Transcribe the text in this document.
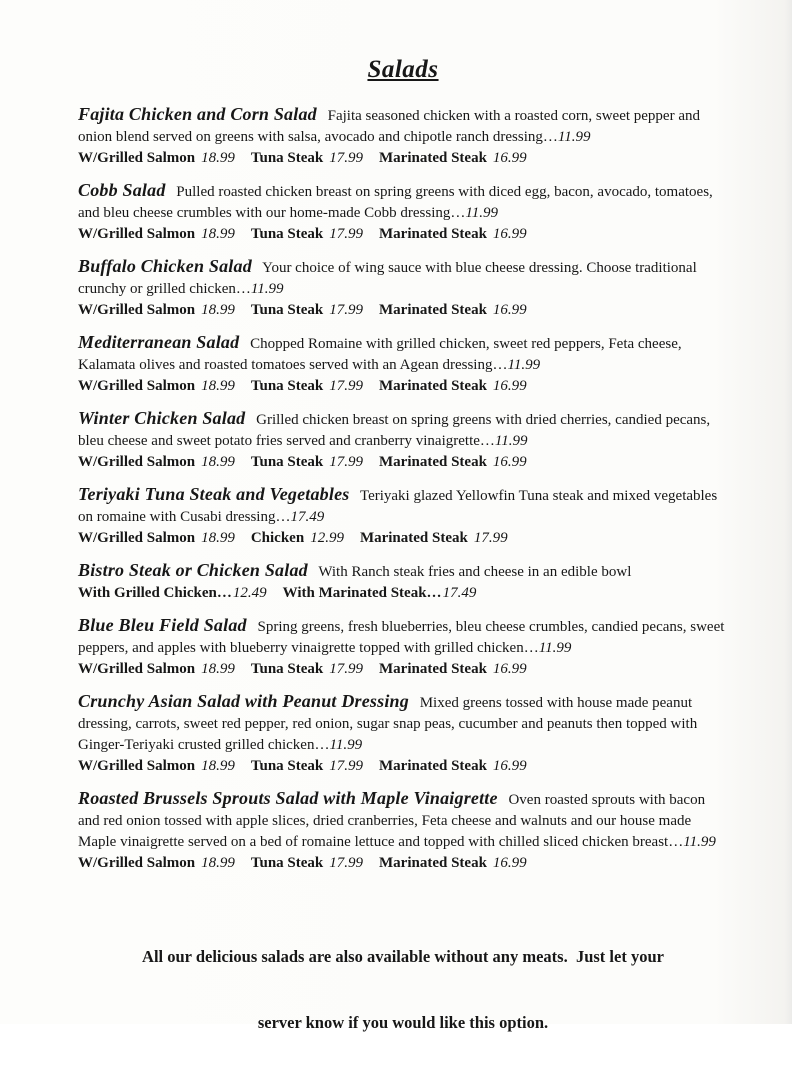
Salads

Fajita Chicken and Corn Salad Fajita seasoned chicken with a roasted corn, sweet pepper and onion blend served on greens with salsa, avocado and chipotle ranch dressing…11.99

W/Grilled Salmon 18.99 Tuna Steak 17.99 Marinated Steak 16.99

Cobb Salad Pulled roasted chicken breast on spring greens with diced egg, bacon, avocado, tomatoes, and bleu cheese crumbles with our home-made Cobb dressing…11.99

W/Grilled Salmon 18.99 Tuna Steak 17.99 Marinated Steak 16.99

Buffalo Chicken Salad Your choice of wing sauce with blue cheese dressing. Choose traditional crunchy or grilled chicken…11.99

W/Grilled Salmon 18.99 Tuna Steak 17.99 Marinated Steak 16.99

Mediterranean Salad Chopped Romaine with grilled chicken, sweet red peppers, Feta cheese, Kalamata olives and roasted tomatoes served with an Agean dressing…11.99

W/Grilled Salmon 18.99 Tuna Steak 17.99 Marinated Steak 16.99

Winter Chicken Salad Grilled chicken breast on spring greens with dried cherries, candied pecans, bleu cheese and sweet potato fries served and cranberry vinaigrette…11.99

W/Grilled Salmon 18.99 Tuna Steak 17.99 Marinated Steak 16.99

Teriyaki Tuna Steak and Vegetables Teriyaki glazed Yellowfin Tuna steak and mixed vegetables on romaine with Cusabi dressing…17.49

W/Grilled Salmon 18.99 Chicken 12.99 Marinated Steak 17.99

Bistro Steak or Chicken Salad With Ranch steak fries and cheese in an edible bowl

With Grilled Chicken…12.49 With Marinated Steak…17.49

Blue Bleu Field Salad Spring greens, fresh blueberries, bleu cheese crumbles, candied pecans, sweet peppers, and apples with blueberry vinaigrette topped with grilled chicken…11.99

W/Grilled Salmon 18.99 Tuna Steak 17.99 Marinated Steak 16.99

Crunchy Asian Salad with Peanut Dressing Mixed greens tossed with house made peanut dressing, carrots, sweet red pepper, red onion, sugar snap peas, cucumber and peanuts then topped with Ginger-Teriyaki crusted grilled chicken…11.99

W/Grilled Salmon 18.99 Tuna Steak 17.99 Marinated Steak 16.99

Roasted Brussels Sprouts Salad with Maple Vinaigrette Oven roasted sprouts with bacon and red onion tossed with apple slices, dried cranberries, Feta cheese and walnuts and our house made Maple vinaigrette served on a bed of romaine lettuce and topped with chilled sliced chicken breast…11.99

W/Grilled Salmon 18.99 Tuna Steak 17.99 Marinated Steak 16.99

All our delicious salads are also available without any meats.  Just let your

server know if you would like this option.
